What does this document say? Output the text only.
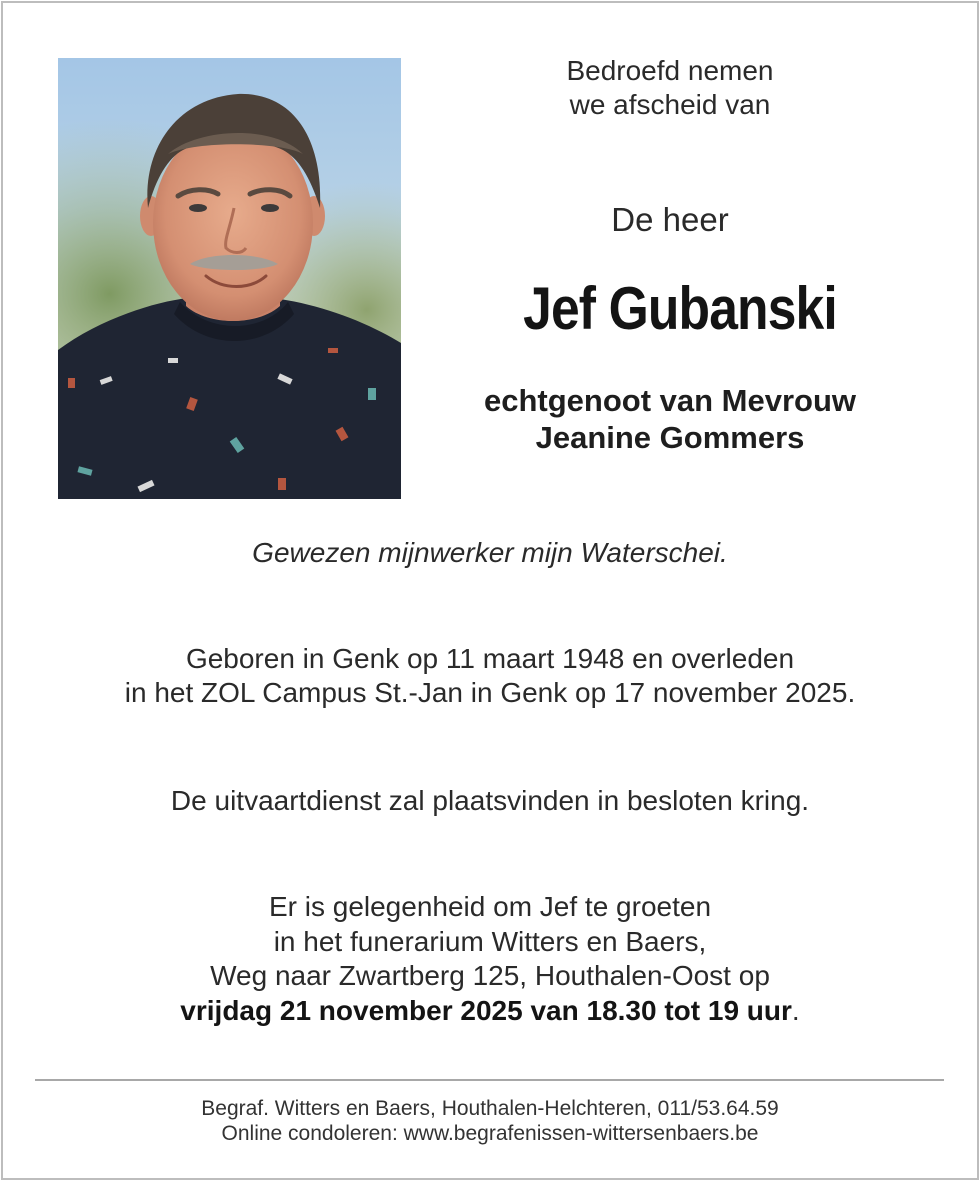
Bedroefd nemen
we afscheid van
De heer
Jef Gubanski
echtgenoot van Mevrouw
Jeanine Gommers
Gewezen mijnwerker mijn Waterschei.
Geboren in Genk op 11 maart 1948 en overleden
in het ZOL Campus St.-Jan in Genk op 17 november 2025.
De uitvaartdienst zal plaatsvinden in besloten kring.
Er is gelegenheid om Jef te groeten
in het funerarium Witters en Baers,
Weg naar Zwartberg 125, Houthalen-Oost op
vrijdag 21 november 2025 van 18.30 tot 19 uur.
Begraf. Witters en Baers, Houthalen-Helchteren, 011/53.64.59
Online condoleren: www.begrafenissen-wittersenbaers.be
